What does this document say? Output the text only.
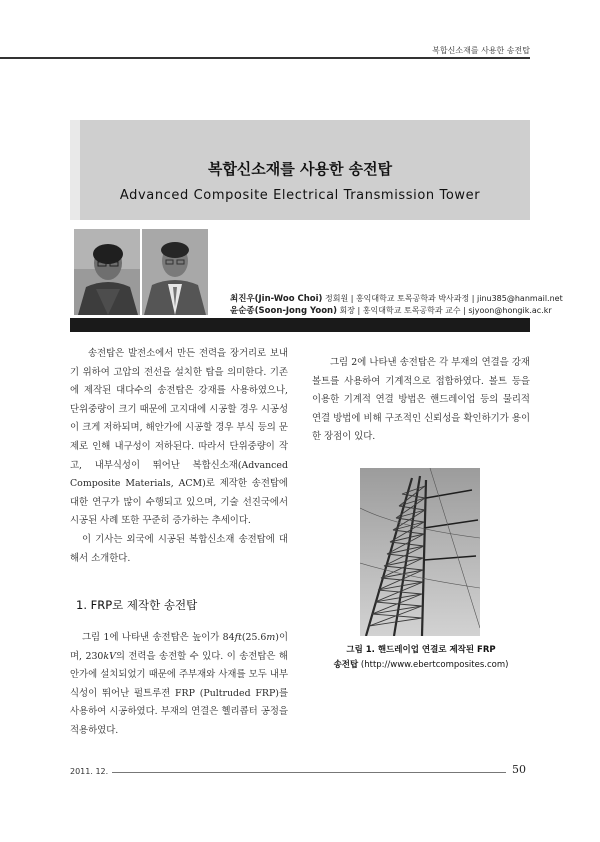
복합신소재를 사용한 송전탑
복합신소재를 사용한 송전탑
Advanced Composite Electrical Transmission Tower
최진우(Jin-Woo Choi) 정회원 | 홍익대학교 토목공학과 박사과정 | jinu385@hanmail.net
윤순종(Soon-Jong Yoon) 회장 | 홍익대학교 토목공학과 교수 | sjyoon@hongik.ac.kr

송전탑은 발전소에서 만든 전력을 장거리로 보내기 위하여 고압의 전선을 설치한 탑을 의미한다. 기존에 제작된 대다수의 송전탑은 강재를 사용하였으나, 단위중량이 크기 때문에 고지대에 시공할 경우 시공성이 크게 저하되며, 해안가에 시공할 경우 부식 등의 문제로 인해 내구성이 저하된다. 따라서 단위중량이 작고, 내부식성이 뛰어난 복합신소재(Advanced Composite Materials, ACM)로 제작한 송전탑에 대한 연구가 많이 수행되고 있으며, 기술 선진국에서 시공된 사례 또한 꾸준히 증가하는 추세이다.

이 기사는 외국에 시공된 복합신소재 송전탑에 대해서 소개한다.

1. FRP로 제작한 송전탑

그림 1에 나타낸 송전탑은 높이가 84ft(25.6m)이며, 230kV의 전력을 송전할 수 있다. 이 송전탑은 해안가에 설치되었기 때문에 주부재와 사재를 모두 내부식성이 뛰어난 펄트루젼 FRP (Pultruded FRP)를 사용하여 시공하였다. 부재의 연결은 헬리콥터 공정을 적용하였다.

그림 2에 나타낸 송전탑은 각 부재의 연결을 강재 볼트를 사용하여 기계적으로 접합하였다. 볼트 등을 이용한 기계적 연결 방법은 핸드레이업 등의 물리적 연결 방법에 비해 구조적인 신뢰성을 확인하기가 용이한 장점이 있다.

그림 1. 핸드레이업 연결로 제작된 FRP
송전탑 (http://www.ebertcomposites.com)
2011. 12.	50
